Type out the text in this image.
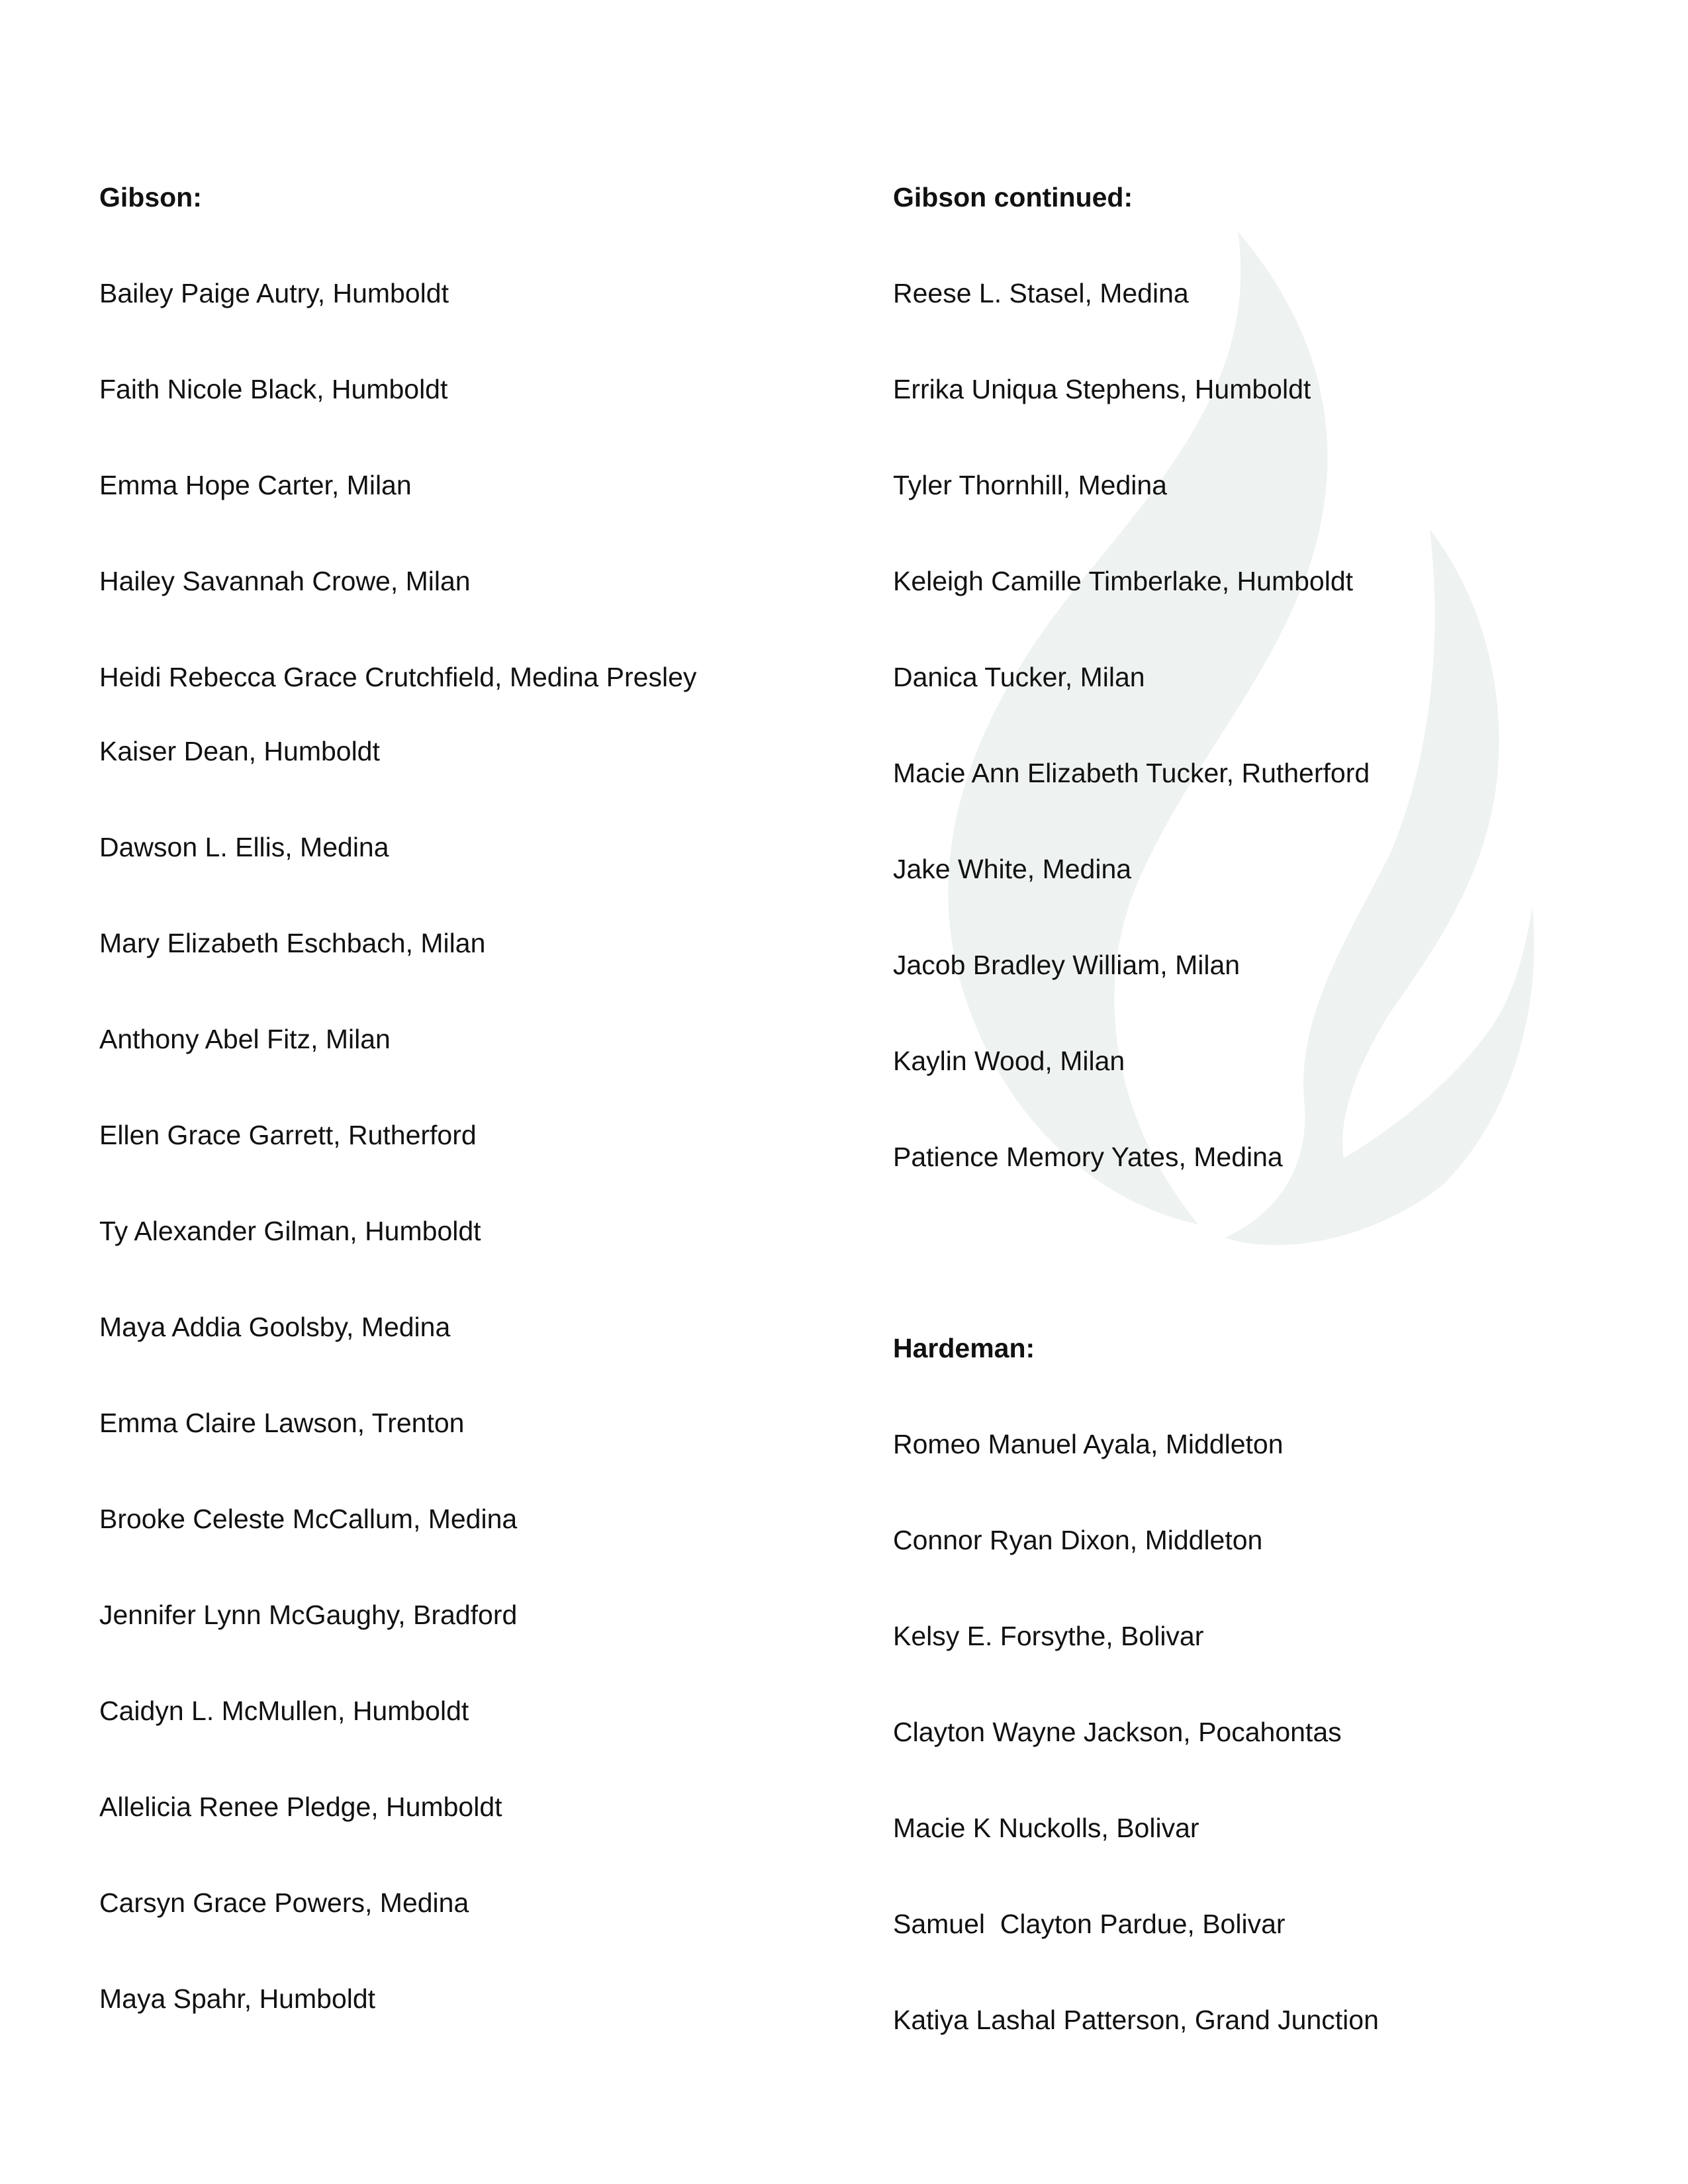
Gibson:
Bailey Paige Autry, Humboldt
Faith Nicole Black, Humboldt
Emma Hope Carter, Milan
Hailey Savannah Crowe, Milan
Heidi Rebecca Grace Crutchfield, Medina Presley
Kaiser Dean, Humboldt
Dawson L. Ellis, Medina
Mary Elizabeth Eschbach, Milan
Anthony Abel Fitz, Milan
Ellen Grace Garrett, Rutherford
Ty Alexander Gilman, Humboldt
Maya Addia Goolsby, Medina
Emma Claire Lawson, Trenton
Brooke Celeste McCallum, Medina
Jennifer Lynn McGaughy, Bradford
Caidyn L. McMullen, Humboldt
Allelicia Renee Pledge, Humboldt
Carsyn Grace Powers, Medina
Maya Spahr, Humboldt
Gibson continued:
Reese L. Stasel, Medina
Errika Uniqua Stephens, Humboldt
Tyler Thornhill, Medina
Keleigh Camille Timberlake, Humboldt
Danica Tucker, Milan
Macie Ann Elizabeth Tucker, Rutherford
Jake White, Medina
Jacob Bradley William, Milan
Kaylin Wood, Milan
Patience Memory Yates, Medina
Hardeman:
Romeo Manuel Ayala, Middleton
Connor Ryan Dixon, Middleton
Kelsy E. Forsythe, Bolivar
Clayton Wayne Jackson, Pocahontas
Macie K Nuckolls, Bolivar
Samuel  Clayton Pardue, Bolivar
Katiya Lashal Patterson, Grand Junction
